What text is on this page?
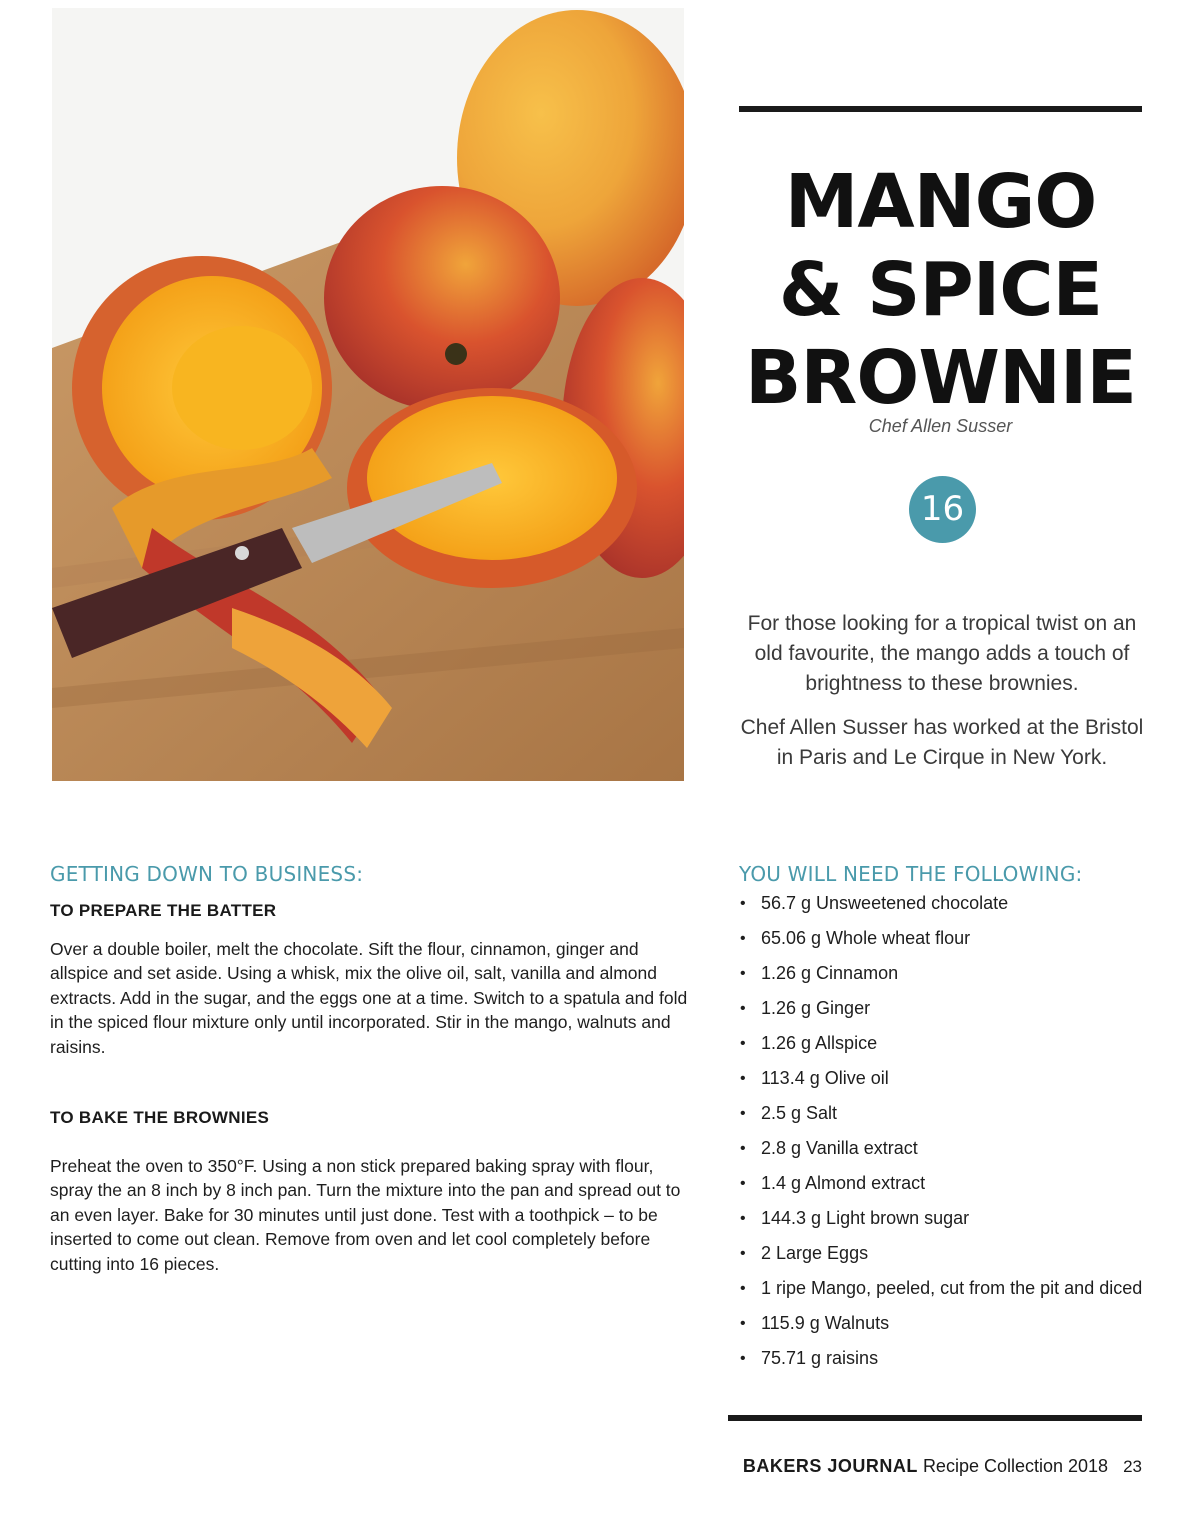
MANGO
& SPICE
BROWNIE
Chef Allen Susser
16

For those looking for a tropical twist on an old favourite, the mango adds a touch of brightness to these brownies.

Chef Allen Susser has worked at the Bristol in Paris and Le Cirque in New York.

GETTING DOWN TO BUSINESS:
TO PREPARE THE BATTER

Over a double boiler, melt the chocolate. Sift the flour, cinnamon, ginger and allspice and set aside. Using a whisk, mix the olive oil, salt, vanilla and almond extracts. Add in the sugar, and the eggs one at a time. Switch to a spatula and fold in the spiced flour mixture only until incorporated. Stir in the mango, walnuts and raisins.

TO BAKE THE BROWNIES

Preheat the oven to 350°F. Using a non stick prepared baking spray with flour, spray the an 8 inch by 8 inch pan. Turn the mixture into the pan and spread out to an even layer. Bake for 30 minutes until just done. Test with a toothpick – to be inserted to come out clean. Remove from oven and let cool completely before cutting into 16 pieces.

YOU WILL NEED THE FOLLOWING:
• 56.7 g Unsweetened chocolate
• 65.06 g Whole wheat flour
• 1.26 g Cinnamon
• 1.26 g Ginger
• 1.26 g Allspice
• 113.4 g Olive oil
• 2.5 g Salt
• 2.8 g Vanilla extract
• 1.4 g Almond extract
• 144.3 g Light brown sugar
• 2 Large Eggs
• 1 ripe Mango, peeled, cut from the pit and diced
• 115.9 g Walnuts
• 75.71 g raisins
BAKERS JOURNAL Recipe Collection 2018 23
